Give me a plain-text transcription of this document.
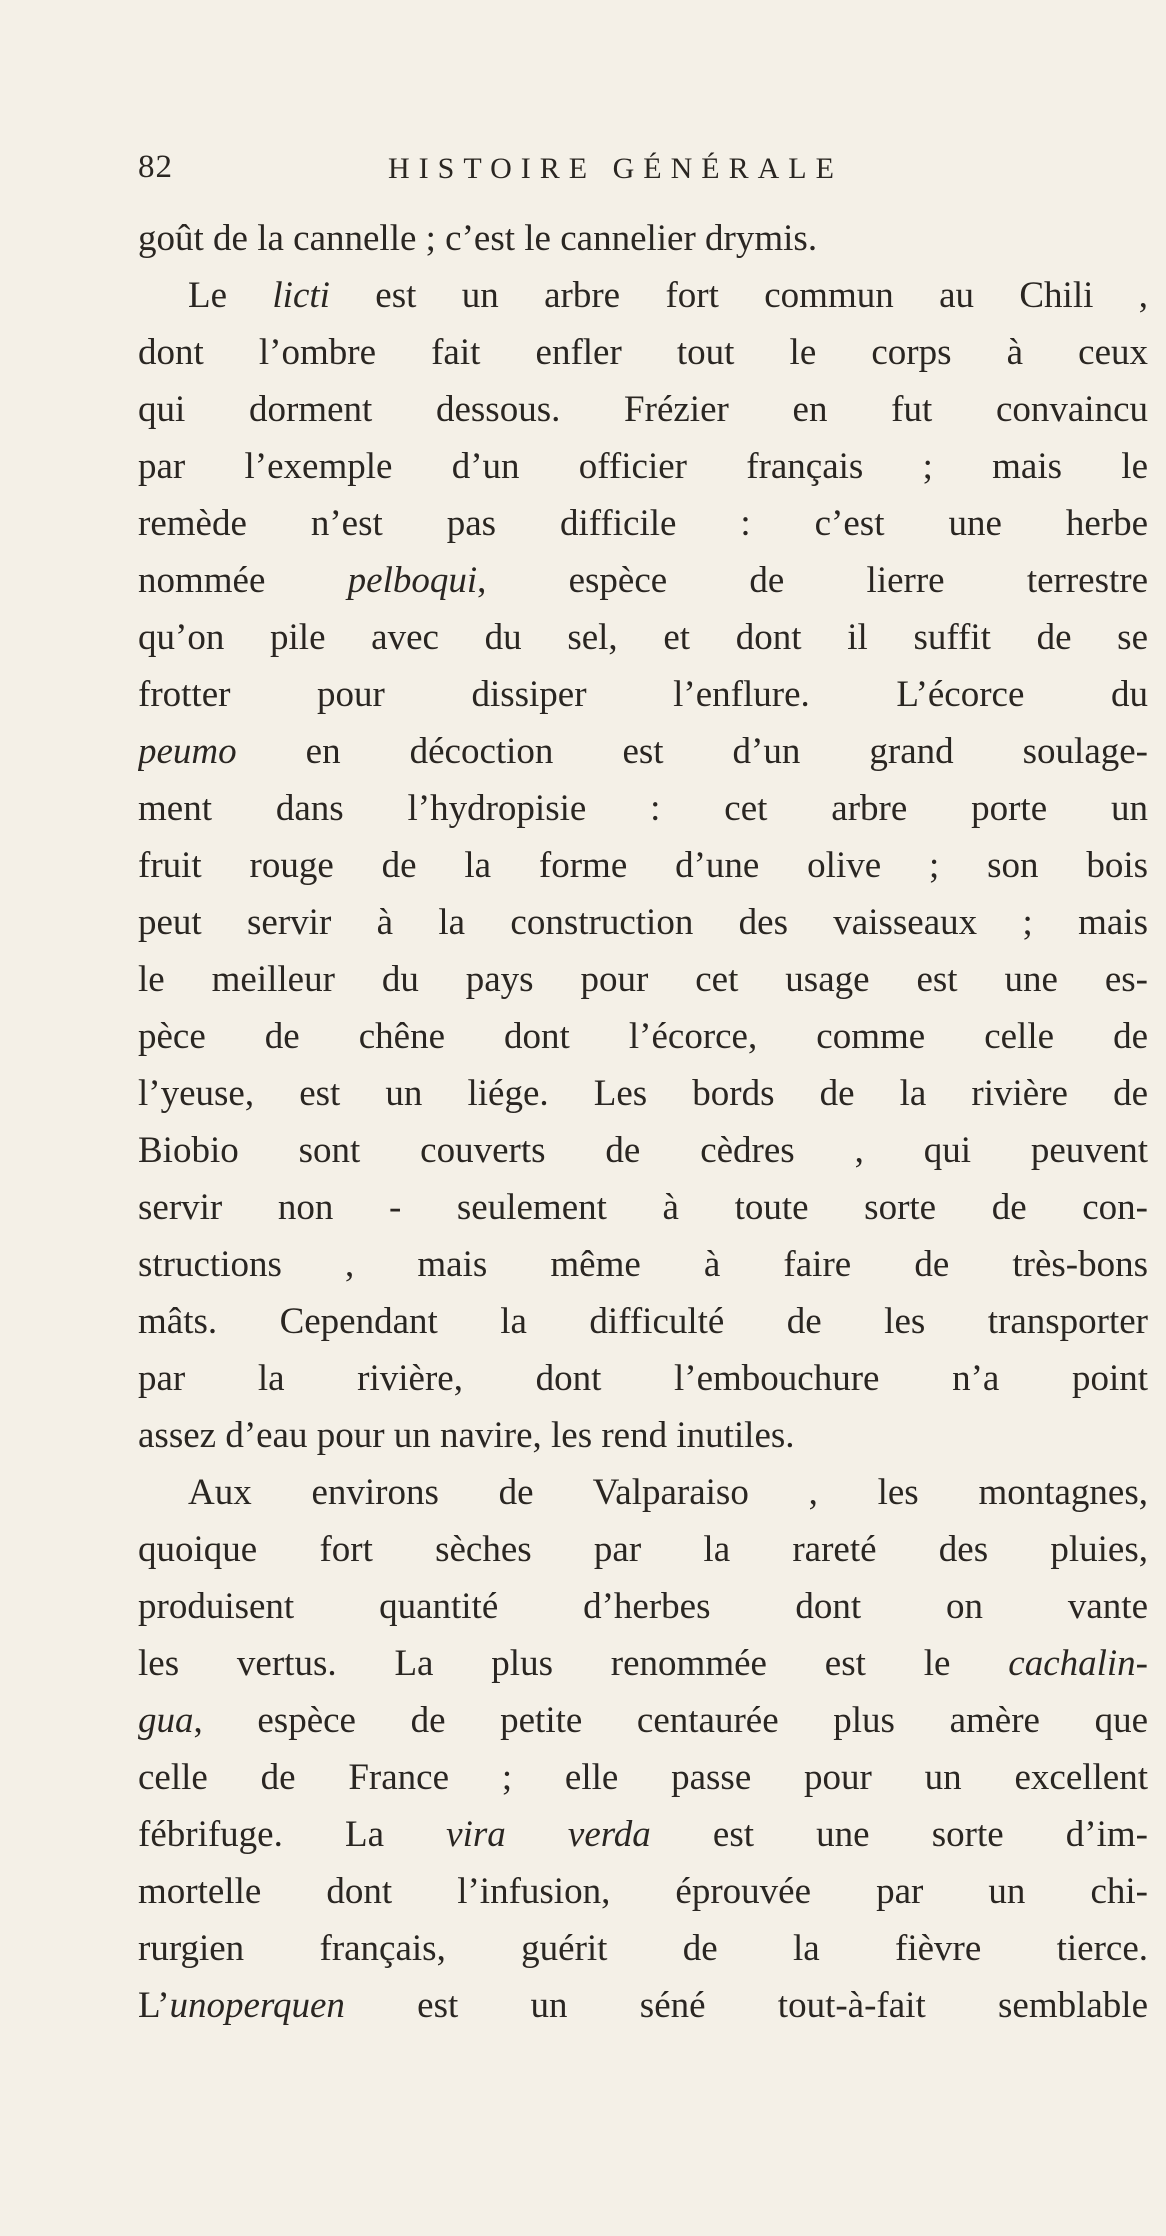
82	HISTOIRE GÉNÉRALE
goût de la cannelle ; c’est le cannelier drymis.
Le licti est un arbre fort commun au Chili ,
dont l’ombre fait enfler tout le corps à ceux
qui dorment dessous. Frézier en fut convaincu
par l’exemple d’un officier français ; mais le
remède n’est pas difficile : c’est une herbe
nommée pelboqui, espèce de lierre terrestre
qu’on pile avec du sel, et dont il suffit de se
frotter pour dissiper l’enflure. L’écorce du
peumo en décoction est d’un grand soulage-
ment dans l’hydropisie : cet arbre porte un
fruit rouge de la forme d’une olive ; son bois
peut servir à la construction des vaisseaux ; mais
le meilleur du pays pour cet usage est une es-
pèce de chêne dont l’écorce, comme celle de
l’yeuse, est un liége. Les bords de la rivière de
Biobio sont couverts de cèdres , qui peuvent
servir non - seulement à toute sorte de con-
structions , mais même à faire de très-bons
mâts. Cependant la difficulté de les transporter
par la rivière, dont l’embouchure n’a point
assez d’eau pour un navire, les rend inutiles.
Aux environs de Valparaiso , les montagnes,
quoique fort sèches par la rareté des pluies,
produisent quantité d’herbes dont on vante
les vertus. La plus renommée est le cachalin-
gua, espèce de petite centaurée plus amère que
celle de France ; elle passe pour un excellent
fébrifuge. La vira verda est une sorte d’im-
mortelle dont l’infusion, éprouvée par un chi-
rurgien français, guérit de la fièvre tierce.
L’unoperquen est un séné tout-à-fait semblable
